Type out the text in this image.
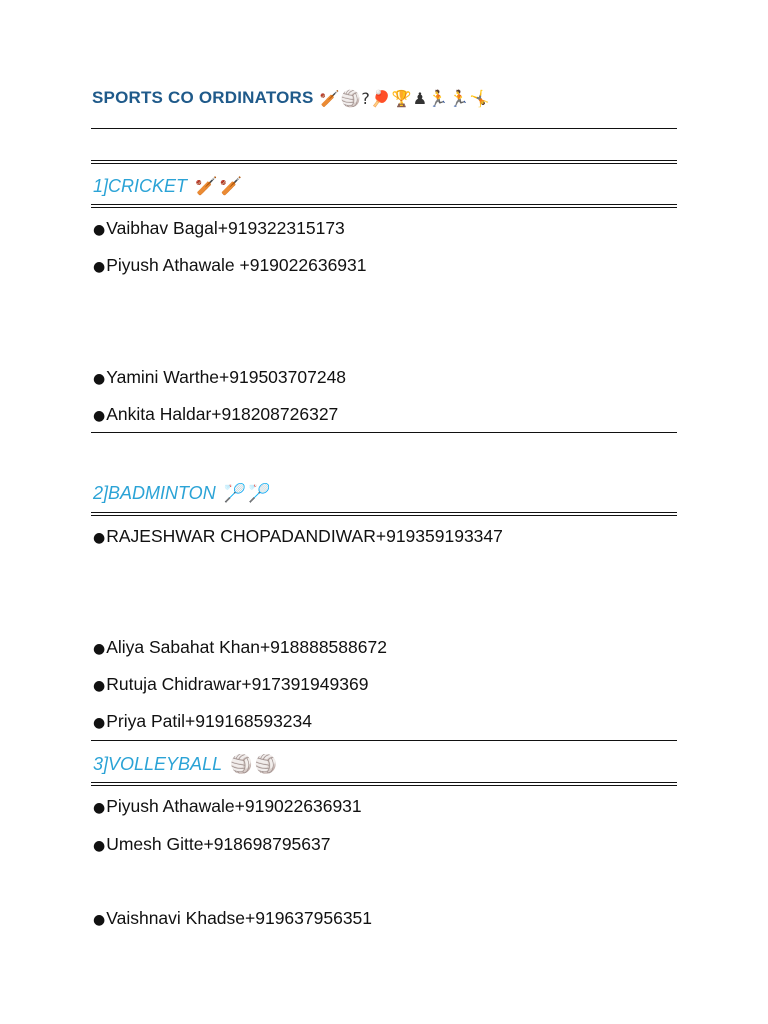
SPORTS CO ORDINATORS 🏏🏐?🏓🏆♟🏃🏃🤸
1]CRICKET 🏏🏏
●Vaibhav Bagal+919322315173
●Piyush Athawale +919022636931
●Yamini Warthe+919503707248
●Ankita Haldar+918208726327
2]BADMINTON 🏸🏸
●RAJESHWAR CHOPADANDIWAR+919359193347
●Aliya Sabahat Khan+918888588672
●Rutuja Chidrawar+917391949369
●Priya Patil+919168593234
3]VOLLEYBALL 🏐🏐
●Piyush Athawale+919022636931
●Umesh Gitte+918698795637
●Vaishnavi Khadse+919637956351
